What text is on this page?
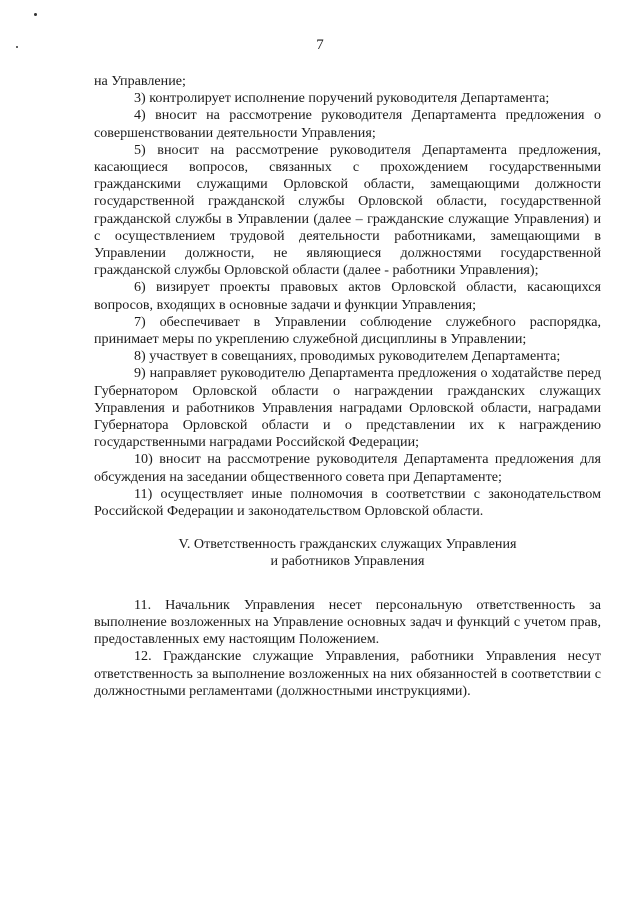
7

на Управление;

3) контролирует исполнение поручений руководителя Департамента;

4) вносит на рассмотрение руководителя Департамента предложения о совершенствовании деятельности Управления;

5) вносит на рассмотрение руководителя Департамента предложения, касающиеся вопросов, связанных с прохождением государственными гражданскими служащими Орловской области, замещающими должности государственной гражданской службы Орловской области, государственной гражданской службы в Управлении (далее – гражданские служащие Управления) и с осуществлением трудовой деятельности работниками, замещающими в Управлении должности, не являющиеся должностями государственной гражданской службы Орловской области (далее - работники Управления);

6) визирует проекты правовых актов Орловской области, касающихся вопросов, входящих в основные задачи и функции Управления;

7) обеспечивает в Управлении соблюдение служебного распорядка, принимает меры по укреплению служебной дисциплины в Управлении;

8) участвует в совещаниях, проводимых руководителем Департамента;

9) направляет руководителю Департамента предложения о ходатайстве перед Губернатором Орловской области о награждении гражданских служащих Управления и работников Управления наградами Орловской области, наградами Губернатора Орловской области и о представлении их к награждению государственными наградами Российской Федерации;

10) вносит на рассмотрение руководителя Департамента предложения для обсуждения на заседании общественного совета при Департаменте;

11) осуществляет иные полномочия в соответствии с законодательством Российской Федерации и законодательством Орловской области.

V. Ответственность гражданских служащих Управления
и работников Управления

11. Начальник Управления несет персональную ответственность за выполнение возложенных на Управление основных задач и функций с учетом прав, предоставленных ему настоящим Положением.

12. Гражданские служащие Управления, работники Управления несут ответственность за выполнение возложенных на них обязанностей в соответствии с должностными регламентами (должностными инструкциями).
